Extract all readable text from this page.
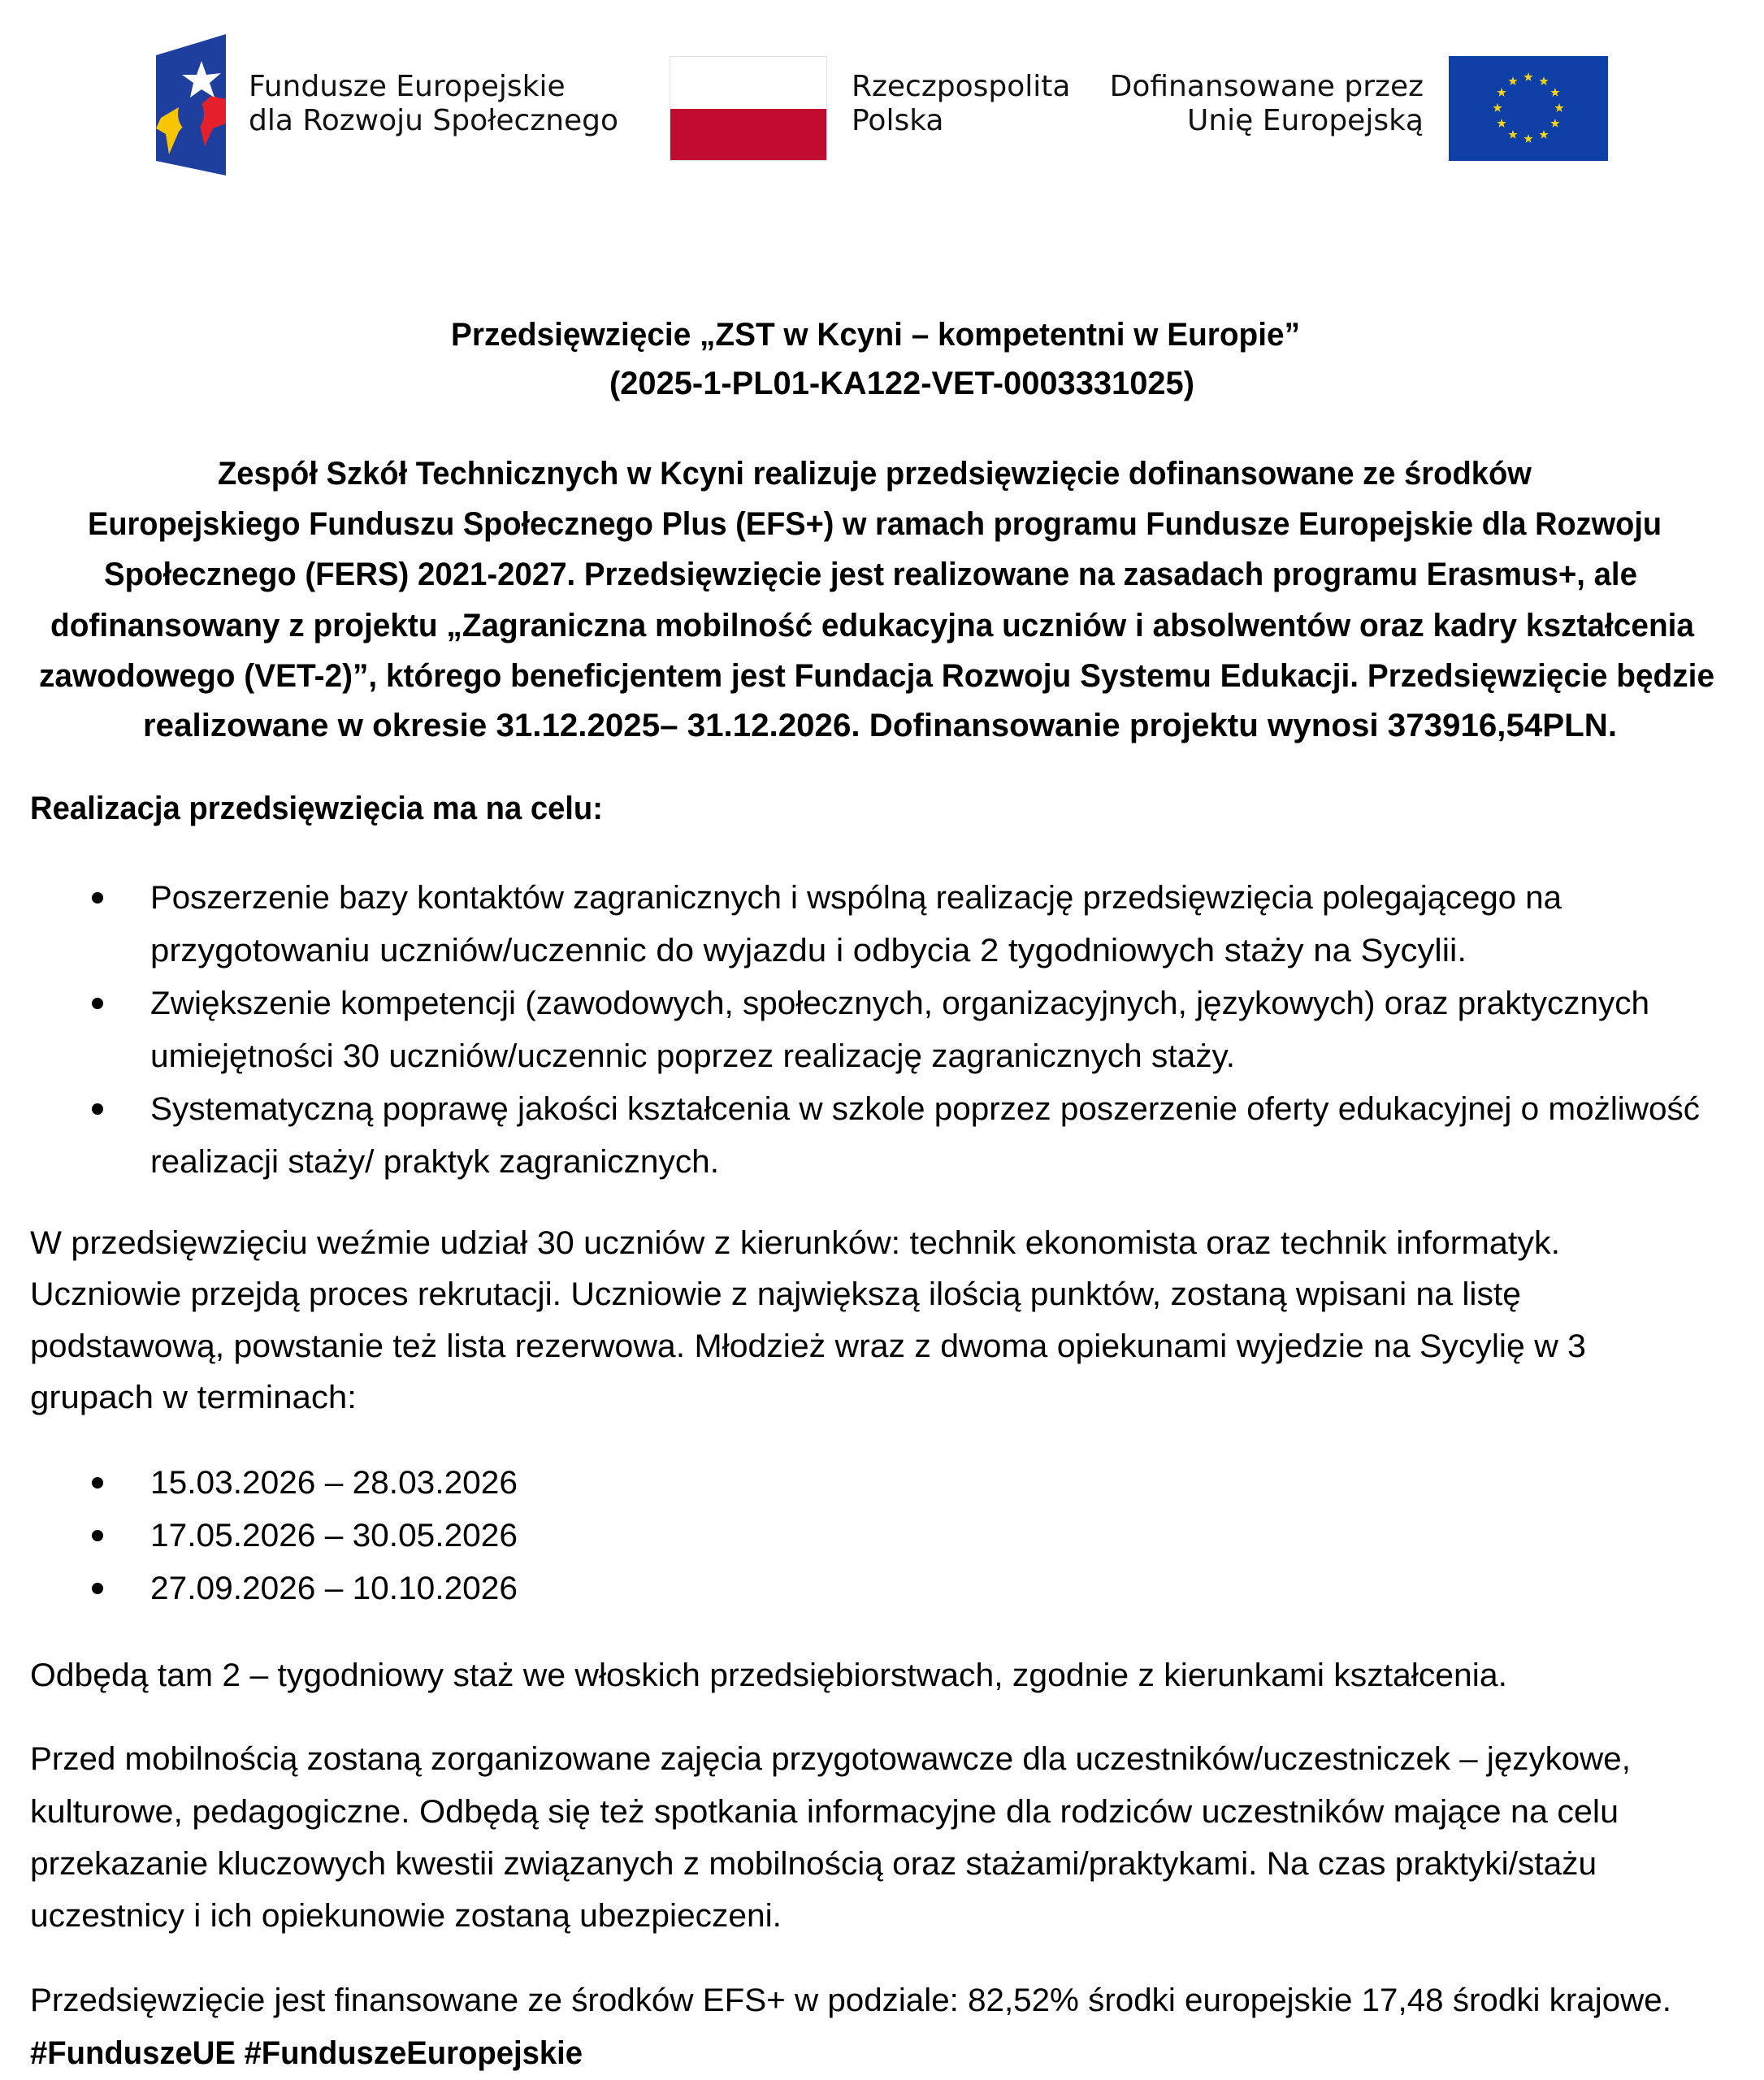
Fundusze Europejskie
dla Rozwoju Społecznego
Rzeczpospolita
Polska
Dofinansowane przez
Unię Europejską
Przedsięwzięcie „ZST w Kcyni – kompetentni w Europie”
(2025-1-PL01-KA122-VET-0003331025)
Zespół Szkół Technicznych w Kcyni realizuje przedsięwzięcie dofinansowane ze środków
Europejskiego Funduszu Społecznego Plus (EFS+) w ramach programu Fundusze Europejskie dla Rozwoju
Społecznego (FERS) 2021-2027. Przedsięwzięcie jest realizowane na zasadach programu Erasmus+, ale
dofinansowany z projektu „Zagraniczna mobilność edukacyjna uczniów i absolwentów oraz kadry kształcenia
zawodowego (VET-2)”, którego beneficjentem jest Fundacja Rozwoju Systemu Edukacji. Przedsięwzięcie będzie
realizowane w okresie 31.12.2025– 31.12.2026. Dofinansowanie projektu wynosi 373916,54PLN.
Realizacja przedsięwzięcia ma na celu:
Poszerzenie bazy kontaktów zagranicznych i wspólną realizację przedsięwzięcia polegającego na
przygotowaniu uczniów/uczennic do wyjazdu i odbycia 2 tygodniowych staży na Sycylii.
Zwiększenie kompetencji (zawodowych, społecznych, organizacyjnych, językowych) oraz praktycznych
umiejętności 30 uczniów/uczennic poprzez realizację zagranicznych staży.
Systematyczną poprawę jakości kształcenia w szkole poprzez poszerzenie oferty edukacyjnej o możliwość
realizacji staży/ praktyk zagranicznych.
W przedsięwzięciu weźmie udział 30 uczniów z kierunków: technik ekonomista oraz technik informatyk.
Uczniowie przejdą proces rekrutacji. Uczniowie z największą ilością punktów, zostaną wpisani na listę
podstawową, powstanie też lista rezerwowa. Młodzież wraz z dwoma opiekunami wyjedzie na Sycylię w 3
grupach w terminach:
15.03.2026 – 28.03.2026
17.05.2026 – 30.05.2026
27.09.2026 – 10.10.2026
Odbędą tam 2 – tygodniowy staż we włoskich przedsiębiorstwach, zgodnie z kierunkami kształcenia.
Przed mobilnością zostaną zorganizowane zajęcia przygotowawcze dla uczestników/uczestniczek – językowe,
kulturowe, pedagogiczne. Odbędą się też spotkania informacyjne dla rodziców uczestników mające na celu
przekazanie kluczowych kwestii związanych z mobilnością oraz stażami/praktykami. Na czas praktyki/stażu
uczestnicy i ich opiekunowie zostaną ubezpieczeni.
Przedsięwzięcie jest finansowane ze środków EFS+ w podziale: 82,52% środki europejskie 17,48 środki krajowe.
#FunduszeUE #FunduszeEuropejskie
